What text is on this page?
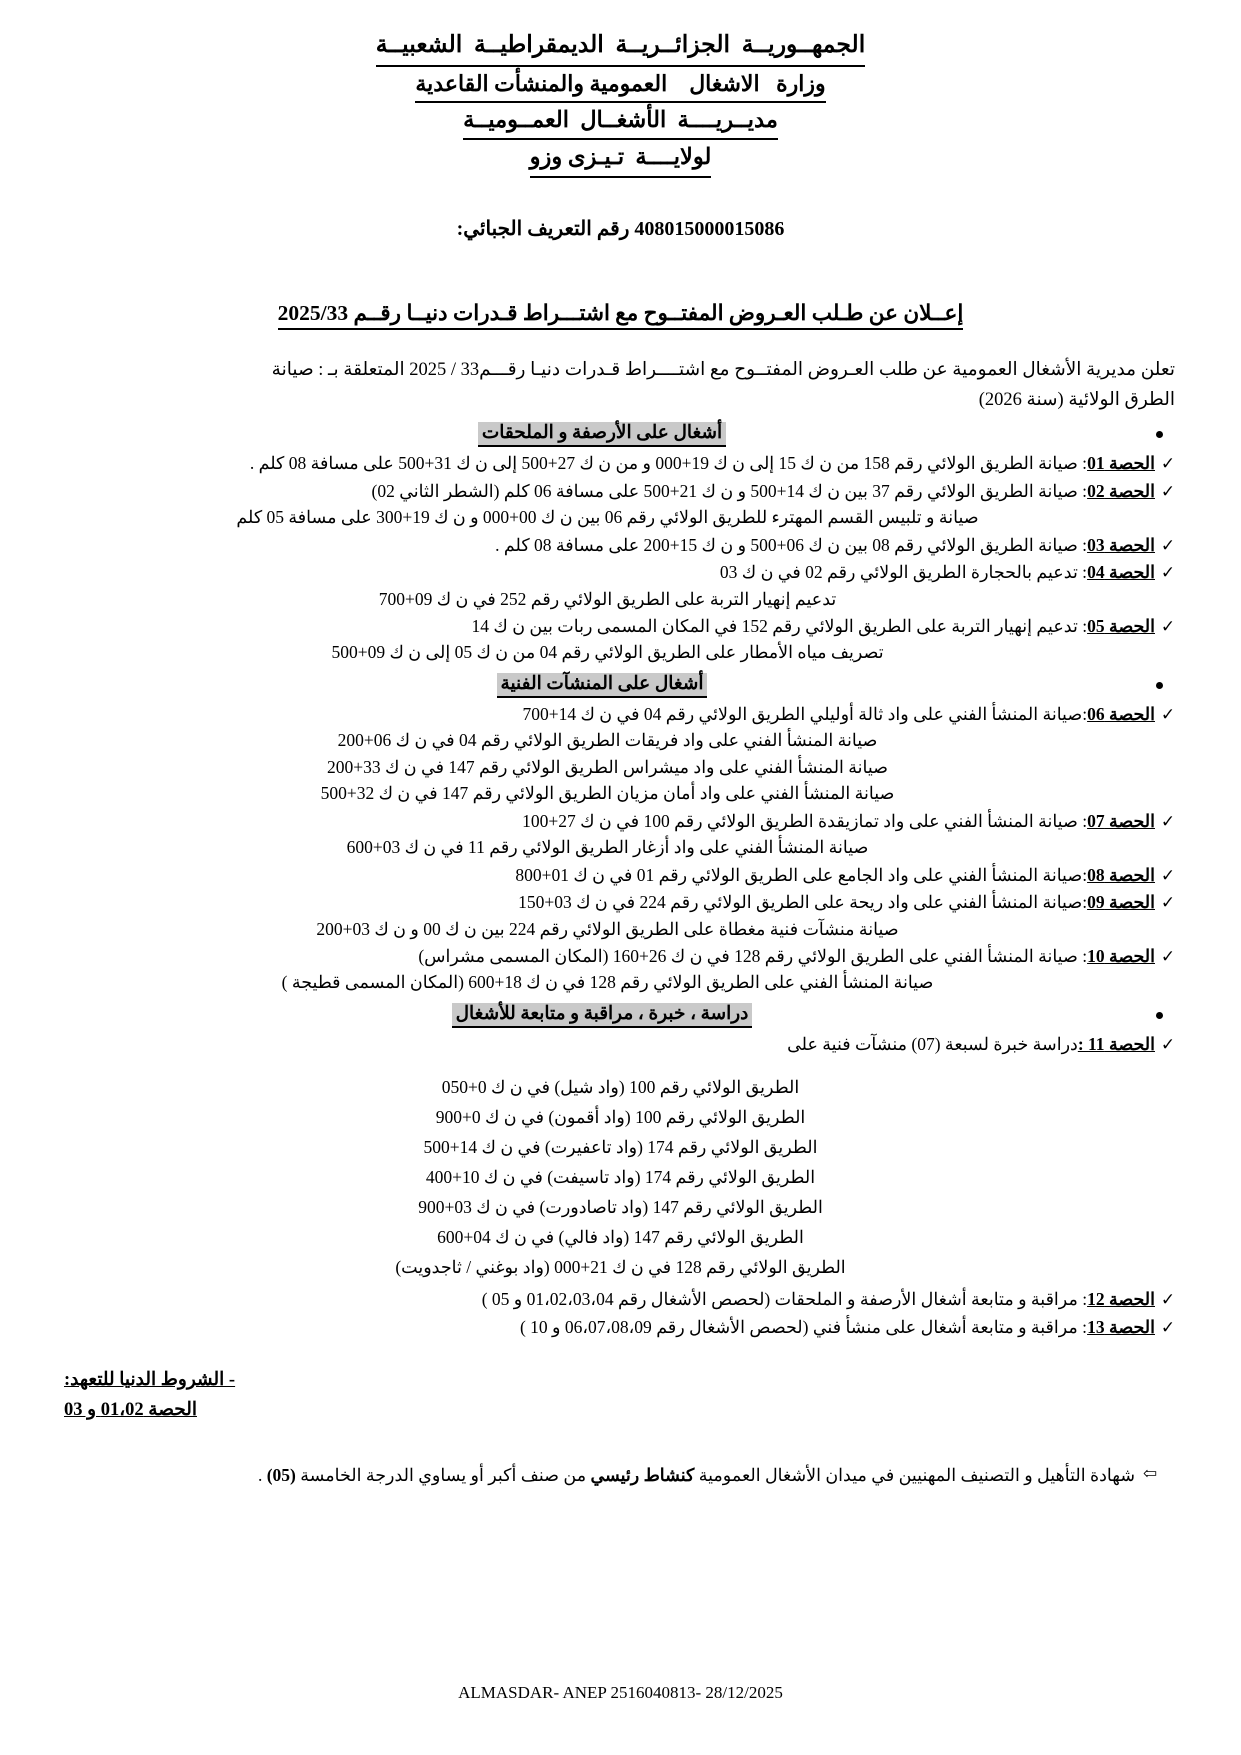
الجمهــوريــة  الجزائــريــة  الديمقراطيــة  الشعبيــة
وزارة   الاشغال    العمومية والمنشأت القاعدية
مديــريــــة  الأشغــال  العمــوميــة
لولايــــة  تـيـزى وزو
408015000015086 رقم التعريف الجبائي:
إعــلان عن طـلب العـروض المفتــوح مع اشتـــراط قـدرات دنيــا رقــم 2025/33
تعلن مديرية الأشغال العمومية عن طلب العـروض المفتــوح مع اشتــــراط قـدرات دنيـا رقـــم33 / 2025 المتعلقة بـ : صيانة
الطرق الولائية (سنة 2026)
أشغال على الأرصفة و الملحقات
✓
الحصة 01: صيانة الطريق الولائي رقم 158 من ن ك 15 إلى ن ك 19+000 و من ن ك 27+500 إلى ن ك 31+500 على مسافة 08 كلم .
✓
الحصة 02: صيانة الطريق الولائي رقم 37 بين ن ك 14+500 و ن ك 21+500 على مسافة 06 كلم (الشطر الثاني 02)
صيانة و تلبيس القسم المهترء للطريق الولائي رقم 06 بين ن ك 00+000 و ن ك 19+300 على مسافة 05 كلم
✓
الحصة 03: صيانة الطريق الولائي رقم 08 بين ن ك 06+500 و ن ك 15+200 على مسافة 08 كلم .
✓
الحصة 04: تدعيم بالحجارة الطريق الولائي رقم 02 في ن ك 03
تدعيم إنهيار التربة على الطريق الولائي رقم 252 في ن ك 09+700
✓
الحصة 05: تدعيم إنهيار التربة على الطريق الولائي رقم 152 في المكان المسمى ربات بين ن ك 14
تصريف مياه الأمطار على الطريق الولائي رقم 04 من ن ك 05 إلى ن ك 09+500
أشغال على المنشآت الفنية
✓
الحصة 06:صيانة المنشأ الفني على واد ثالة أوليلي الطريق الولائي رقم 04 في ن ك 14+700
صيانة المنشأ الفني على واد فريقات الطريق الولائي رقم 04 في ن ك 06+200
صيانة المنشأ الفني على واد ميشراس الطريق الولائي رقم 147 في ن ك 33+200
صيانة المنشأ الفني على واد أمان مزيان الطريق الولائي رقم 147 في ن ك 32+500
✓
الحصة 07: صيانة المنشأ الفني على واد تمازيقدة الطريق الولائي رقم 100 في ن ك 27+100
صيانة المنشأ الفني على واد أزغار الطريق الولائي رقم 11 في ن ك 03+600
✓
الحصة 08:صيانة المنشأ الفني على واد الجامع على الطريق الولائي رقم 01 في ن ك 01+800
✓
الحصة 09:صيانة المنشأ الفني على واد ريحة على الطريق الولائي رقم 224 في ن ك 03+150
صيانة منشآت فنية مغطاة على الطريق الولائي رقم 224 بين ن ك 00 و ن ك 03+200
✓
الحصة 10: صيانة المنشأ الفني على الطريق الولائي رقم 128 في ن ك 26+160 (المكان المسمى مشراس)
صيانة المنشأ الفني على الطريق الولائي رقم 128 في ن ك 18+600 (المكان المسمى قطيجة )
دراسة ، خبرة ، مراقبة و متابعة للأشغال
✓
الحصة 11 :دراسة خبرة لسبعة (07) منشآت فنية على
الطريق الولائي رقم 100 (واد شيل) في ن ك 0+050
الطريق الولائي رقم 100 (واد أقمون) في ن ك 0+900
الطريق الولائي رقم 174 (واد تاعفيرت) في ن ك 14+500
الطريق الولائي رقم 174 (واد تاسيفت) في ن ك 10+400
الطريق الولائي رقم 147 (واد تاصادورت) في ن ك 03+900
الطريق الولائي رقم 147 (واد فالي) في ن ك 04+600
الطريق الولائي رقم 128 في ن ك 21+000 (واد بوغني / ثاجدويت)
✓
الحصة 12: مراقبة و متابعة أشغال الأرصفة و الملحقات (لحصص الأشغال رقم 01،02،03،04 و 05 )
✓
الحصة 13: مراقبة و متابعة أشغال على منشأ فني (لحصص الأشغال رقم 06،07،08،09 و 10 )
- الشروط الدنيا للتعهد:
الحصة 01،02 و 03
⇦
شهادة التأهيل و التصنيف المهنيين في ميدان الأشغال العمومية كنشاط رئيسي من صنف أكبر أو يساوي الدرجة الخامسة (05) .
ALMASDAR- ANEP 2516040813- 28/12/2025
